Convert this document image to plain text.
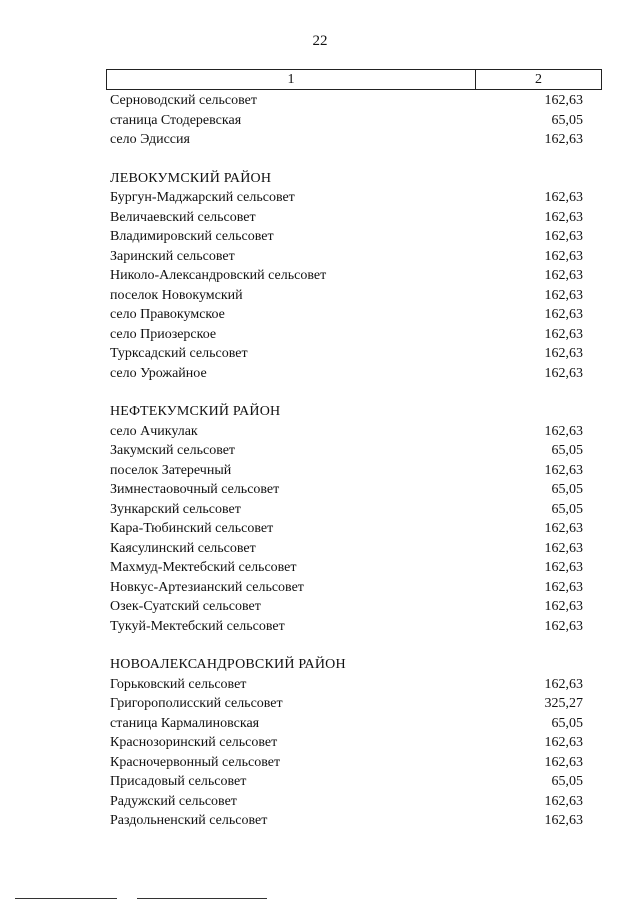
22
1	2
Серноводский сельсовет	162,63
станица Стодеревская	65,05
село Эдиссия	162,63
ЛЕВОКУМСКИЙ РАЙОН
Бургун-Маджарский сельсовет	162,63
Величаевский сельсовет	162,63
Владимировский сельсовет	162,63
Заринский сельсовет	162,63
Николо-Александровский сельсовет	162,63
поселок Новокумский	162,63
село Правокумское	162,63
село Приозерское	162,63
Турксадский сельсовет	162,63
село Урожайное	162,63
НЕФТЕКУМСКИЙ РАЙОН
село Ачикулак	162,63
Закумский сельсовет	65,05
поселок Затеречный	162,63
Зимнестаовочный сельсовет	65,05
Зункарский сельсовет	65,05
Кара-Тюбинский сельсовет	162,63
Каясулинский сельсовет	162,63
Махмуд-Мектебский сельсовет	162,63
Новкус-Артезианский сельсовет	162,63
Озек-Суатский сельсовет	162,63
Тукуй-Мектебский сельсовет	162,63
НОВОАЛЕКСАНДРОВСКИЙ РАЙОН
Горьковский сельсовет	162,63
Григорополисский сельсовет	325,27
станица Кармалиновская	65,05
Краснозоринский сельсовет	162,63
Красночервонный сельсовет	162,63
Присадовый сельсовет	65,05
Радужский сельсовет	162,63
Раздольненский сельсовет	162,63
